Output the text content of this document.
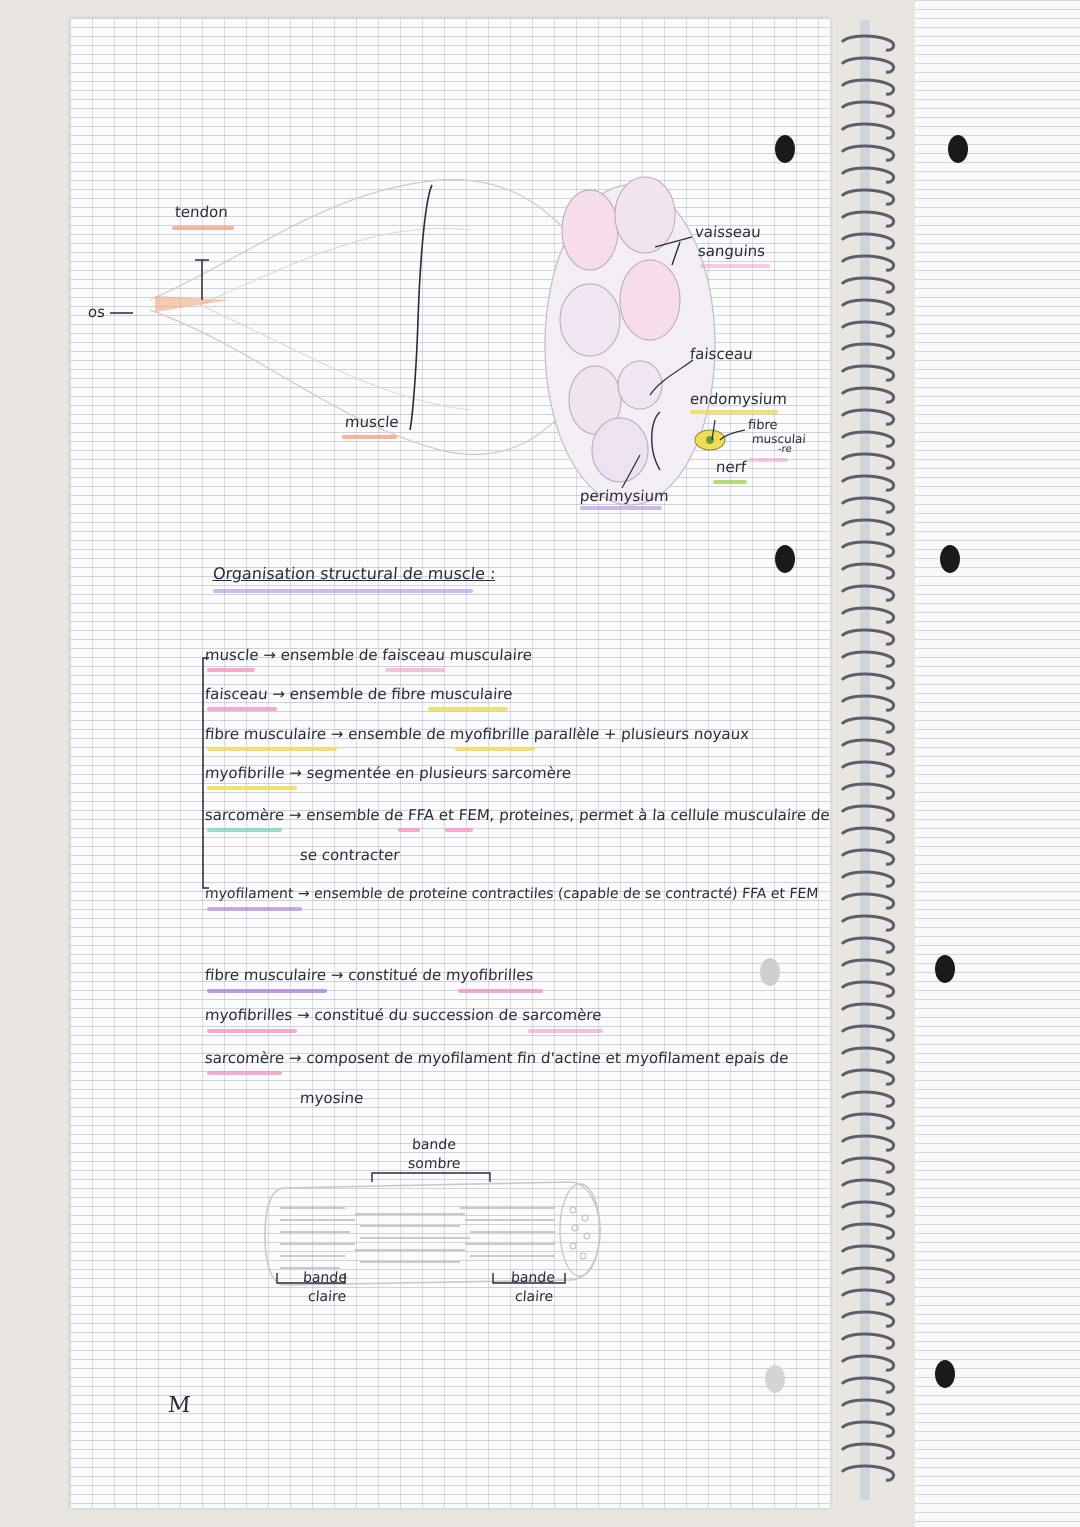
os
tendon
muscle
vaisseau
sanguins
faisceau
endomysium
fibre
musculai
-re
nerf
perimysium
Organisation structural de muscle :
muscle → ensemble de faisceau musculaire
faisceau → ensemble de fibre musculaire
fibre musculaire → ensemble de myofibrille parallèle + plusieurs noyaux
myofibrille → segmentée en plusieurs sarcomère
sarcomère → ensemble de FFA et FEM, proteines, permet à la cellule musculaire de
se contracter
myofilament → ensemble de proteine contractiles (capable de se contracté) FFA et FEM
fibre musculaire → constitué de myofibrilles
myofibrilles → constitué du succession de sarcomère
sarcomère → composent de myofilament fin d'actine et myofilament epais de
myosine
bande
sombre
bande
claire
bande
claire
M
